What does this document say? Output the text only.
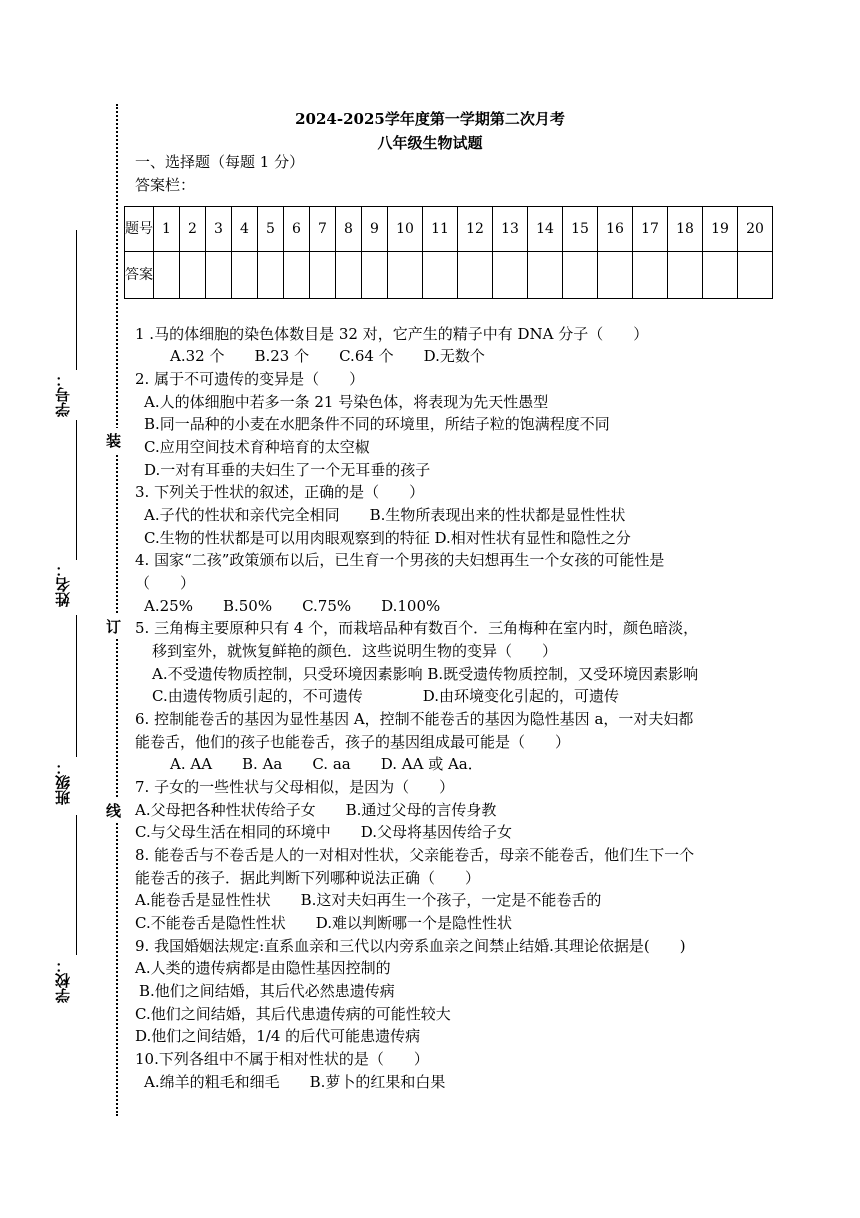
装
订
线
学号：
姓名：
班级：
学校：
2024-2025学年度第一学期第二次月考
八年级生物试题
一、选择题（每题 1 分）
答案栏：
题号	1	2	3	4	5	6	7	8	9	10	11	12	13	14	15	16	17	18	19	20
答案																				
1 .马的体细胞的染色体数目是 32 对，它产生的精子中有 DNA 分子（　　）
A.32 个　　B.23 个　　C.64 个　　D.无数个
2. 属于不可遗传的变异是（　　）
A.人的体细胞中若多一条 21 号染色体，将表现为先天性愚型
B.同一品种的小麦在水肥条件不同的环境里，所结子粒的饱满程度不同
C.应用空间技术育种培育的太空椒
D.一对有耳垂的夫妇生了一个无耳垂的孩子
3. 下列关于性状的叙述，正确的是（　　）
A.子代的性状和亲代完全相同　　B.生物所表现出来的性状都是显性性状
C.生物的性状都是可以用肉眼观察到的特征 D.相对性状有显性和隐性之分
4. 国家“二孩”政策颁布以后，已生育一个男孩的夫妇想再生一个女孩的可能性是
（　　）
A.25%　　B.50%　　C.75%　　D.100%
5. 三角梅主要原种只有 4 个，而栽培品种有数百个．三角梅种在室内时，颜色暗淡，
移到室外，就恢复鲜艳的颜色．这些说明生物的变异（　　）
A.不受遗传物质控制，只受环境因素影响 B.既受遗传物质控制，又受环境因素影响
C.由遗传物质引起的，不可遗传　　　　D.由环境变化引起的，可遗传
6. 控制能卷舌的基因为显性基因 A，控制不能卷舌的基因为隐性基因 a，一对夫妇都
能卷舌，他们的孩子也能卷舌，孩子的基因组成最可能是（　　）
A. AA　　B. Aa　　C. aa　　D. AA 或 Aa．
7. 子女的一些性状与父母相似，是因为（　　）
A.父母把各种性状传给子女　　B.通过父母的言传身教
C.与父母生活在相同的环境中　　D.父母将基因传给子女
8. 能卷舌与不卷舌是人的一对相对性状，父亲能卷舌，母亲不能卷舌，他们生下一个
能卷舌的孩子．据此判断下列哪种说法正确（　　）
A.能卷舌是显性性状　　B.这对夫妇再生一个孩子，一定是不能卷舌的
C.不能卷舌是隐性性状　　D.难以判断哪一个是隐性性状
9. 我国婚姻法规定:直系血亲和三代以内旁系血亲之间禁止结婚.其理论依据是(　　)
A.人类的遗传病都是由隐性基因控制的
B.他们之间结婚，其后代必然患遗传病
C.他们之间结婚，其后代患遗传病的可能性较大
D.他们之间结婚，1/4 的后代可能患遗传病
10.下列各组中不属于相对性状的是（　　）
A.绵羊的粗毛和细毛　　B.萝卜的红果和白果
